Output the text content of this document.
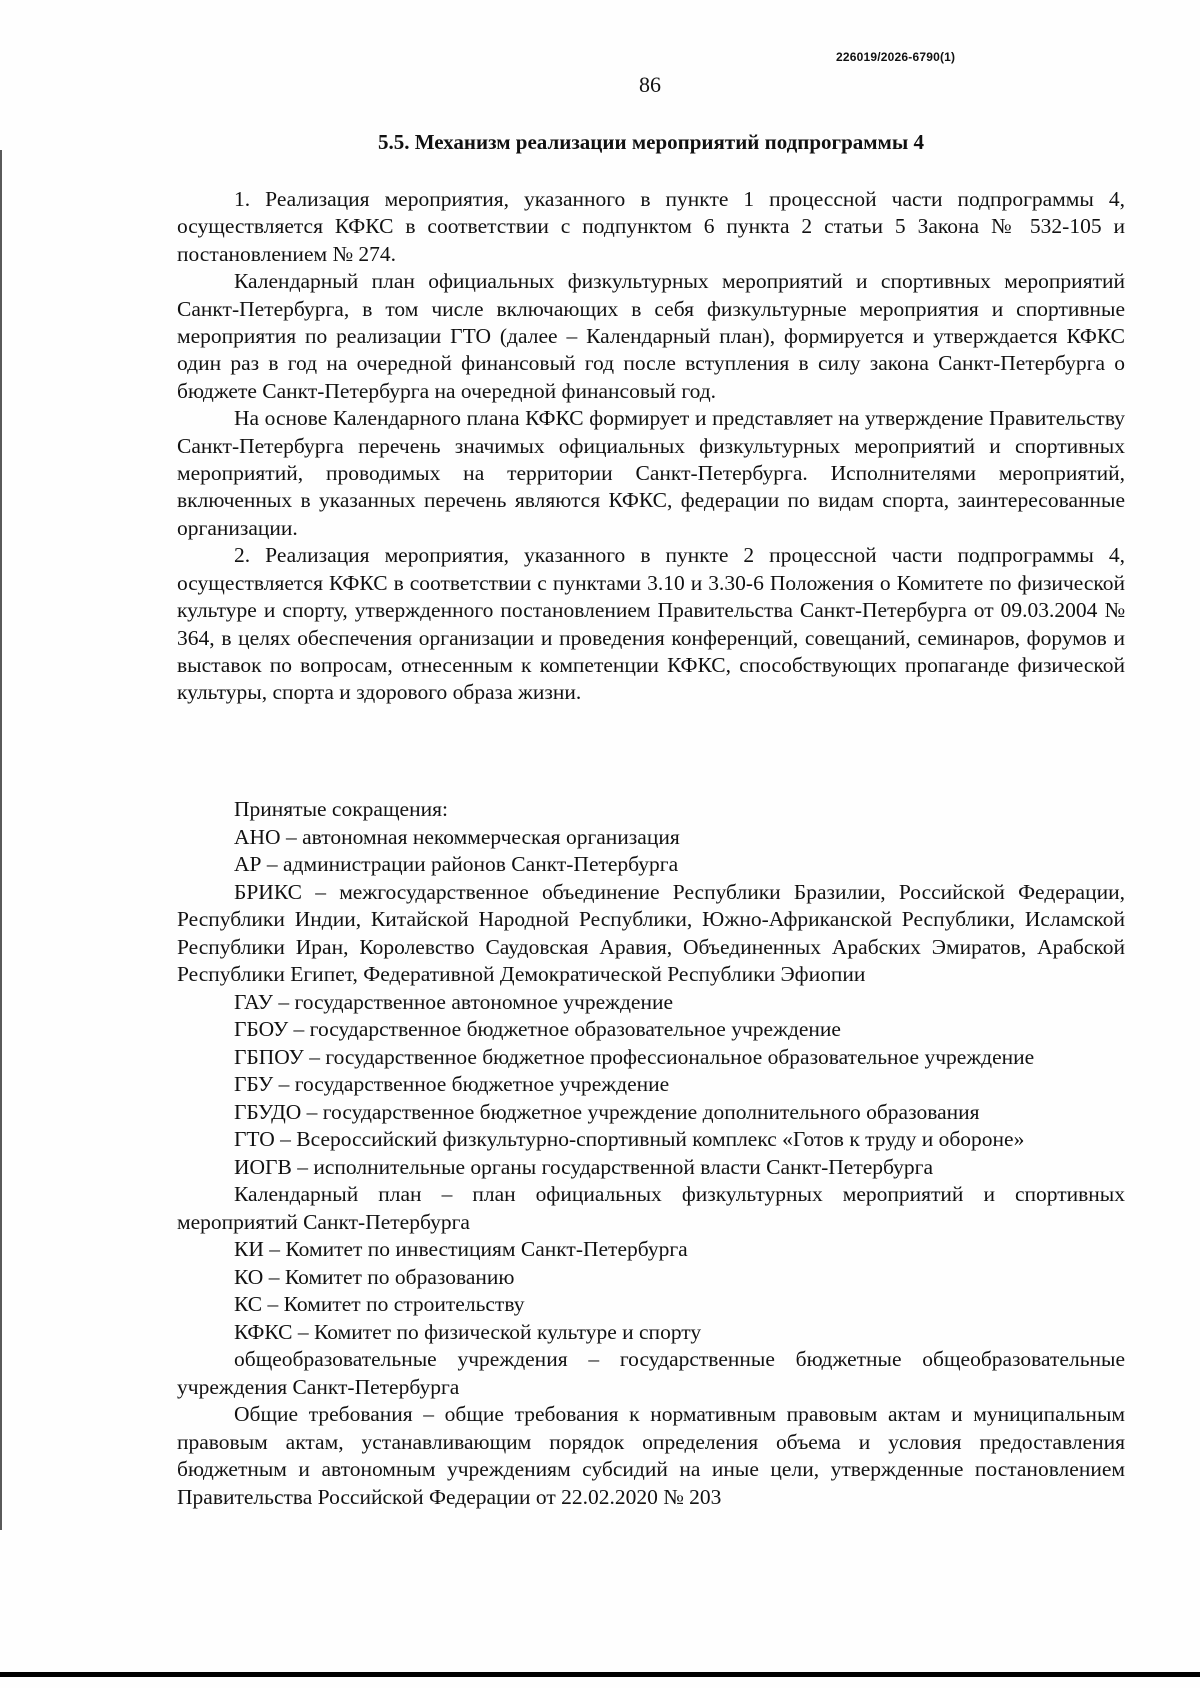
226019/2026-6790(1)
86
5.5. Механизм реализации мероприятий подпрограммы 4

1. Реализация мероприятия, указанного в пункте 1 процессной части подпрограммы 4, осуществляется КФКС в соответствии с подпунктом 6 пункта 2 статьи 5 Закона № 532-105 и постановлением № 274.

Календарный план официальных физкультурных мероприятий и спортивных мероприятий Санкт-Петербурга, в том числе включающих в себя физкультурные мероприятия и спортивные мероприятия по реализации ГТО (далее – Календарный план), формируется и утверждается КФКС один раз в год на очередной финансовый год после вступления в силу закона Санкт-Петербурга о бюджете Санкт-Петербурга на очередной финансовый год.

На основе Календарного плана КФКС формирует и представляет на утверждение Правительству Санкт-Петербурга перечень значимых официальных физкультурных мероприятий и спортивных мероприятий, проводимых на территории Санкт-Петербурга. Исполнителями мероприятий, включенных в указанных перечень являются КФКС, федерации по видам спорта, заинтересованные организации.

2. Реализация мероприятия, указанного в пункте 2 процессной части подпрограммы 4, осуществляется КФКС в соответствии с пунктами 3.10 и 3.30-6 Положения о Комитете по физической культуре и спорту, утвержденного постановлением Правительства Санкт-Петербурга от 09.03.2004 № 364, в целях обеспечения организации и проведения конференций, совещаний, семинаров, форумов и выставок по вопросам, отнесенным к компетенции КФКС, способствующих пропаганде физической культуры, спорта и здорового образа жизни.

Принятые сокращения:

АНО – автономная некоммерческая организация

АР – администрации районов Санкт-Петербурга

БРИКС – межгосударственное объединение Республики Бразилии, Российской Федерации, Республики Индии, Китайской Народной Республики, Южно-Африканской Республики, Исламской Республики Иран, Королевство Саудовская Аравия, Объединенных Арабских Эмиратов, Арабской Республики Египет, Федеративной Демократической Республики Эфиопии

ГАУ – государственное автономное учреждение

ГБОУ – государственное бюджетное образовательное учреждение

ГБПОУ – государственное бюджетное профессиональное образовательное учреждение

ГБУ – государственное бюджетное учреждение

ГБУДО – государственное бюджетное учреждение дополнительного образования

ГТО – Всероссийский физкультурно-спортивный комплекс «Готов к труду и обороне»

ИОГВ – исполнительные органы государственной власти Санкт-Петербурга

Календарный план – план официальных физкультурных мероприятий и спортивных мероприятий Санкт-Петербурга

КИ – Комитет по инвестициям Санкт-Петербурга

КО – Комитет по образованию

КС – Комитет по строительству

КФКС – Комитет по физической культуре и спорту

общеобразовательные учреждения – государственные бюджетные общеобразовательные учреждения Санкт-Петербурга

Общие требования – общие требования к нормативным правовым актам и муниципальным правовым актам, устанавливающим порядок определения объема и условия предоставления бюджетным и автономным учреждениям субсидий на иные цели, утвержденные постановлением Правительства Российской Федерации от 22.02.2020 № 203
